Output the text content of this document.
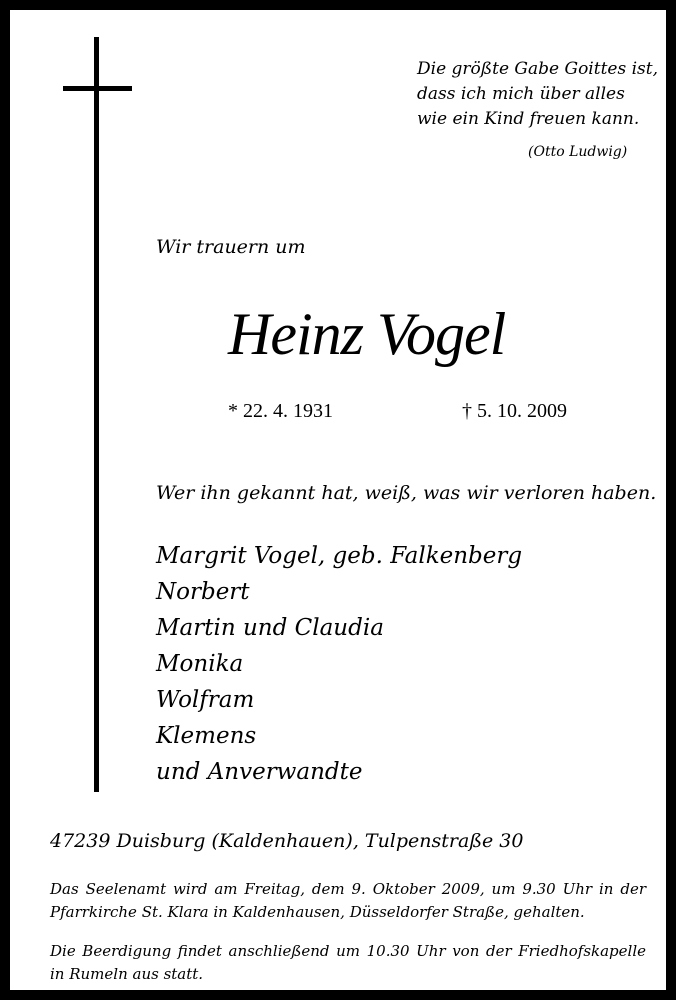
Die größte Gabe Goittes ist,
dass ich mich über alles
wie ein Kind freuen kann.
(Otto Ludwig)
Wir trauern um
Heinz Vogel
* 22. 4. 1931	† 5. 10. 2009
Wer ihn gekannt hat, weiß, was wir verloren haben.
Margrit Vogel, geb. Falkenberg
Norbert
Martin und Claudia
Monika
Wolfram
Klemens
und Anverwandte
47239 Duisburg (Kaldenhauen), Tulpenstraße 30
Das Seelenamt wird am Freitag, dem 9. Oktober 2009, um 9.30 Uhr in der Pfarrkirche St. Klara in Kaldenhausen, Düsseldorfer Straße, gehalten.
Die Beerdigung findet anschließend um 10.30 Uhr von der Friedhofskapelle in Rumeln aus statt.
